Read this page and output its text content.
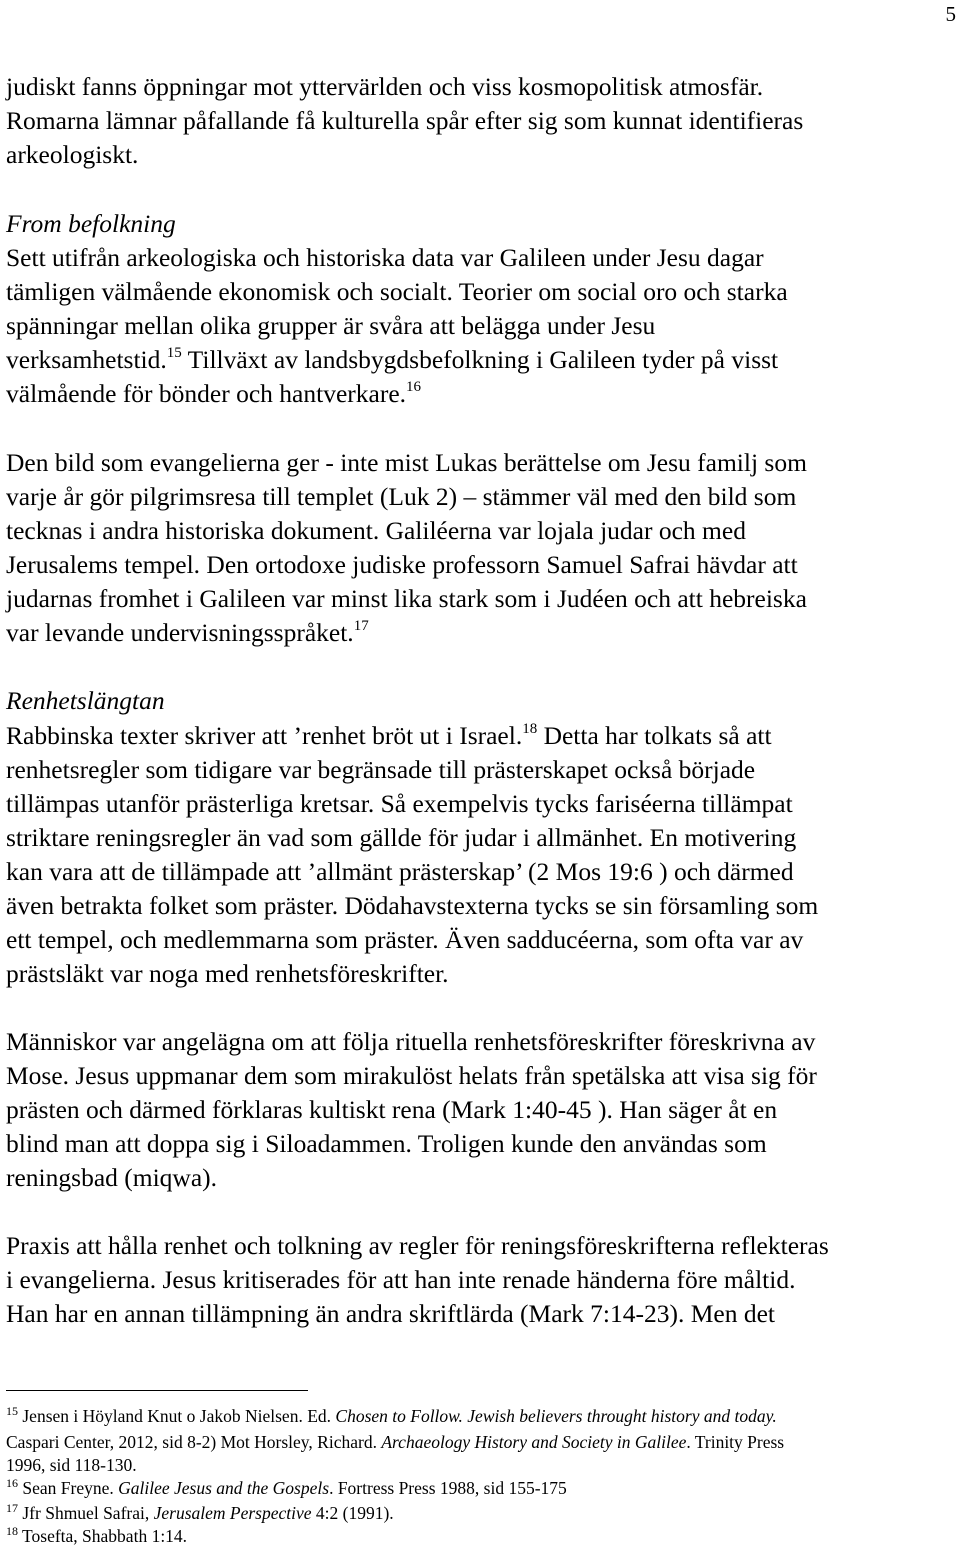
5
judiskt fanns öppningar mot yttervärlden och viss kosmopolitisk atmosfär.
Romarna lämnar påfallande få kulturella spår efter sig som kunnat identifieras
arkeologiskt.
From befolkning
Sett utifrån arkeologiska och historiska data var Galileen under Jesu dagar
tämligen välmående ekonomisk och socialt. Teorier om social oro och starka
spänningar mellan olika grupper är svåra att belägga under Jesu
verksamhetstid.$^{15}$ Tillväxt av landsbygdsbefolkning i Galileen tyder på visst
välmående för bönder och hantverkare.$^{16}$
Den bild som evangelierna ger - inte mist Lukas berättelse om Jesu familj som
varje år gör pilgrimsresa till templet (Luk 2) – stämmer väl med den bild som
tecknas i andra historiska dokument. Galiléerna var lojala judar och med
Jerusalems tempel. Den ortodoxe judiske professorn Samuel Safrai hävdar att
judarnas fromhet i Galileen var minst lika stark som i Judéen och att hebreiska
var levande undervisningsspråket.$^{17}$
Renhetslängtan
Rabbinska texter skriver att ’renhet bröt ut i Israel.$^{18}$ Detta har tolkats så att
renhetsregler som tidigare var begränsade till prästerskapet också började
tillämpas utanför prästerliga kretsar. Så exempelvis tycks fariséerna tillämpat
striktare reningsregler än vad som gällde för judar i allmänhet. En motivering
kan vara att de tillämpade att ’allmänt prästerskap’ (2 Mos 19:6 ) och därmed
även betrakta folket som präster. Dödahavstexterna tycks se sin församling som
ett tempel, och medlemmarna som präster. Även sadducéerna, som ofta var av
prästsläkt var noga med renhetsföreskrifter.
Människor var angelägna om att följa rituella renhetsföreskrifter föreskrivna av
Mose. Jesus uppmanar dem som mirakulöst helats från spetälska att visa sig för
prästen och därmed förklaras kultiskt rena (Mark 1:40-45 ). Han säger åt en
blind man att doppa sig i Siloadammen. Troligen kunde den användas som
reningsbad (miqwa).
Praxis att hålla renhet och tolkning av regler för reningsföreskrifterna reflekteras
i evangelierna. Jesus kritiserades för att han inte renade händerna före måltid.
Han har en annan tillämpning än andra skriftlärda (Mark 7:14-23). Men det
$^{15}$ Jensen i Höyland Knut o Jakob Nielsen. Ed. Chosen to Follow. Jewish believers throught history and today.
Caspari Center, 2012, sid 8-2) Mot Horsley, Richard. Archaeology History and Society in Galilee. Trinity Press
1996, sid 118-130.
$^{16}$ Sean Freyne. Galilee Jesus and the Gospels. Fortress Press 1988, sid 155-175
$^{17}$ Jfr Shmuel Safrai, Jerusalem Perspective 4:2 (1991).
$^{18}$ Tosefta, Shabbath 1:14.
